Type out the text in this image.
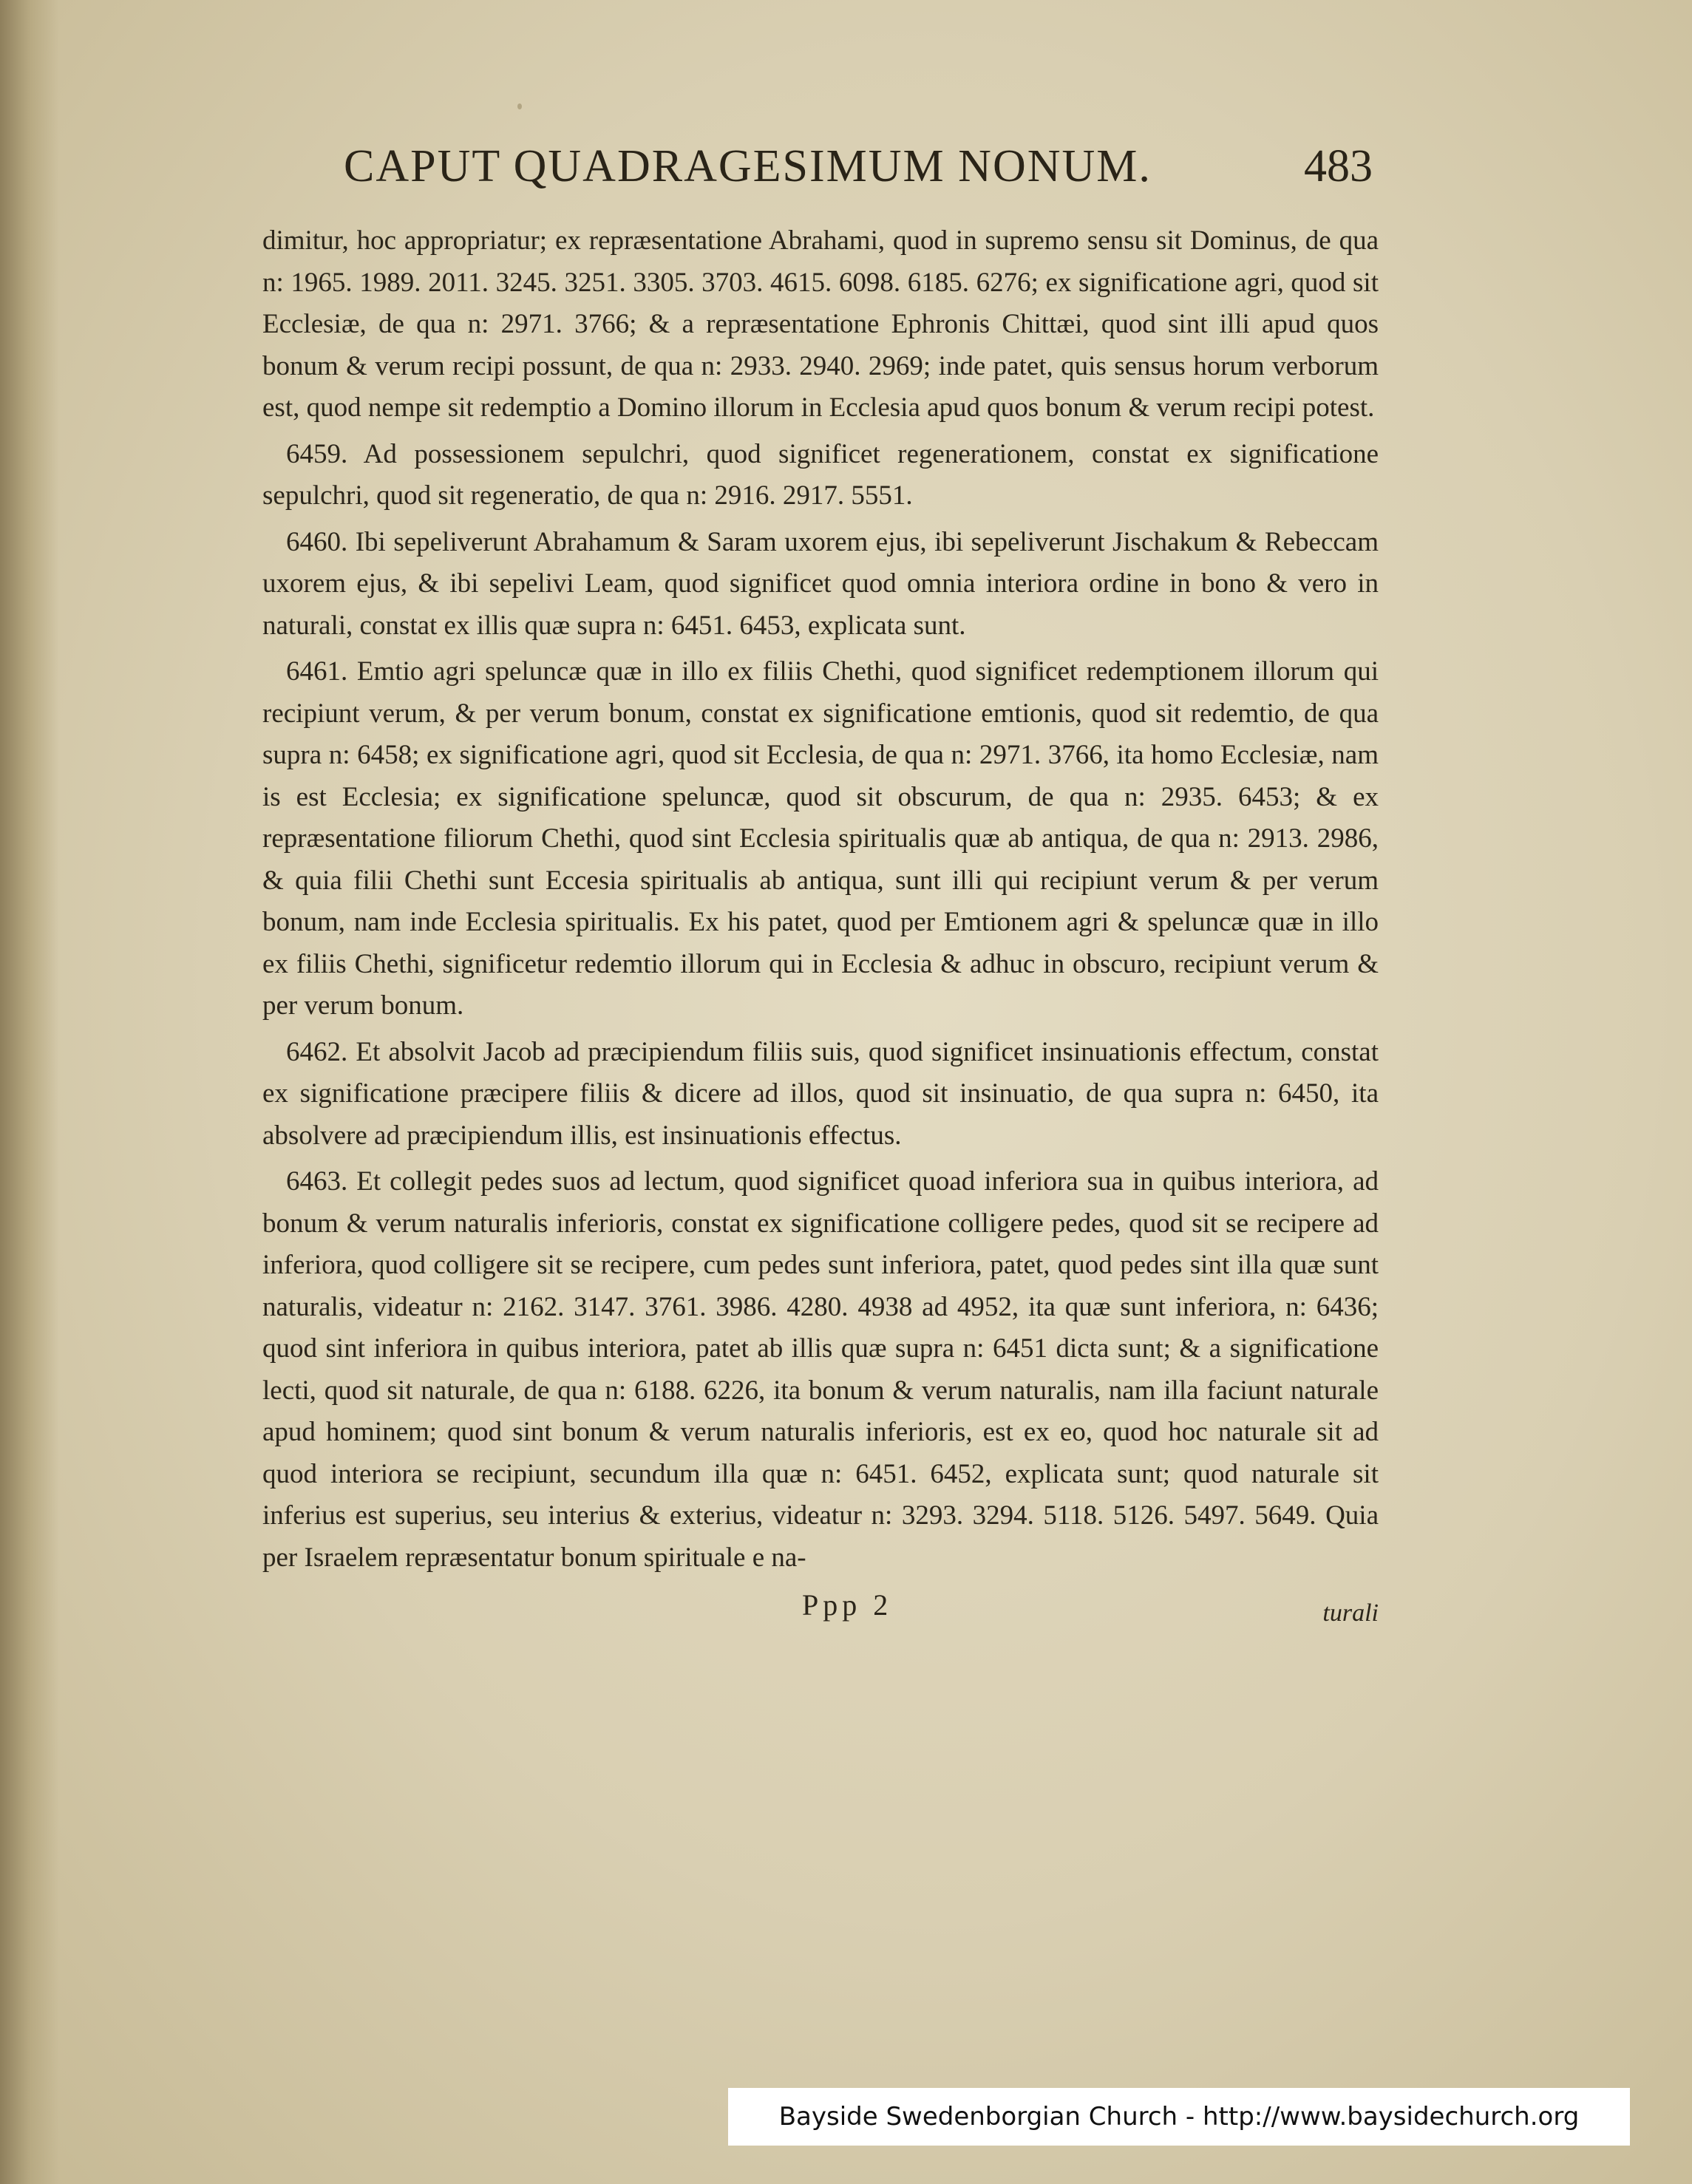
CAPUT QUADRAGESIMUM NONUM.	483

dimitur, hoc appropriatur; ex repræsentatione Abrahami, quod in supremo sensu sit Dominus, de qua n: 1965. 1989. 2011. 3245. 3251. 3305. 3703. 4615. 6098. 6185. 6276; ex significatione agri, quod sit Ecclesiæ, de qua n: 2971. 3766; & a repræsentatione Ephronis Chittæi, quod sint illi apud quos bonum & verum recipi possunt, de qua n: 2933. 2940. 2969; inde patet, quis sensus horum verborum est, quod nempe sit redemptio a Domino illorum in Ecclesia apud quos bonum & verum recipi potest.

6459. Ad possessionem sepulchri, quod significet regenerationem, constat ex significatione sepulchri, quod sit regeneratio, de qua n: 2916. 2917. 5551.

6460. Ibi sepeliverunt Abrahamum & Saram uxorem ejus, ibi sepeliverunt Jischakum & Rebeccam uxorem ejus, & ibi sepelivi Leam, quod significet quod omnia interiora ordine in bono & vero in naturali, constat ex illis quæ supra n: 6451. 6453, explicata sunt.

6461. Emtio agri speluncæ quæ in illo ex filiis Chethi, quod significet redemptionem illorum qui recipiunt verum, & per verum bonum, constat ex significatione emtionis, quod sit redemtio, de qua supra n: 6458; ex significatione agri, quod sit Ecclesia, de qua n: 2971. 3766, ita homo Ecclesiæ, nam is est Ecclesia; ex significatione speluncæ, quod sit obscurum, de qua n: 2935. 6453; & ex repræsentatione filiorum Chethi, quod sint Ecclesia spiritualis quæ ab antiqua, de qua n: 2913. 2986, & quia filii Chethi sunt Eccesia spiritualis ab antiqua, sunt illi qui recipiunt verum & per verum bonum, nam inde Ecclesia spiritualis. Ex his patet, quod per Emtionem agri & speluncæ quæ in illo ex filiis Chethi, significetur redemtio illorum qui in Ecclesia & adhuc in obscuro, recipiunt verum & per verum bonum.

6462. Et absolvit Jacob ad præcipiendum filiis suis, quod significet insinuationis effectum, constat ex significatione præcipere filiis & dicere ad illos, quod sit insinuatio, de qua supra n: 6450, ita absolvere ad præcipiendum illis, est insinuationis effectus.

6463. Et collegit pedes suos ad lectum, quod significet quoad inferiora sua in quibus interiora, ad bonum & verum naturalis inferioris, constat ex significatione colligere pedes, quod sit se recipere ad inferiora, quod colligere sit se recipere, cum pedes sunt inferiora, patet, quod pedes sint illa quæ sunt naturalis, videatur n: 2162. 3147. 3761. 3986. 4280. 4938 ad 4952, ita quæ sunt inferiora, n: 6436; quod sint inferiora in quibus interiora, patet ab illis quæ supra n: 6451 dicta sunt; & a significatione lecti, quod sit naturale, de qua n: 6188. 6226, ita bonum & verum naturalis, nam illa faciunt naturale apud hominem; quod sint bonum & verum naturalis inferioris, est ex eo, quod hoc naturale sit ad quod interiora se recipiunt, secundum illa quæ n: 6451. 6452, explicata sunt; quod naturale sit inferius est superius, seu interius & exterius, videatur n: 3293. 3294. 5118. 5126. 5497. 5649. Quia per Israelem repræsentatur bonum spirituale e na-

Ppp 2	turali
Bayside Swedenborgian Church - http://www.baysidechurch.org
